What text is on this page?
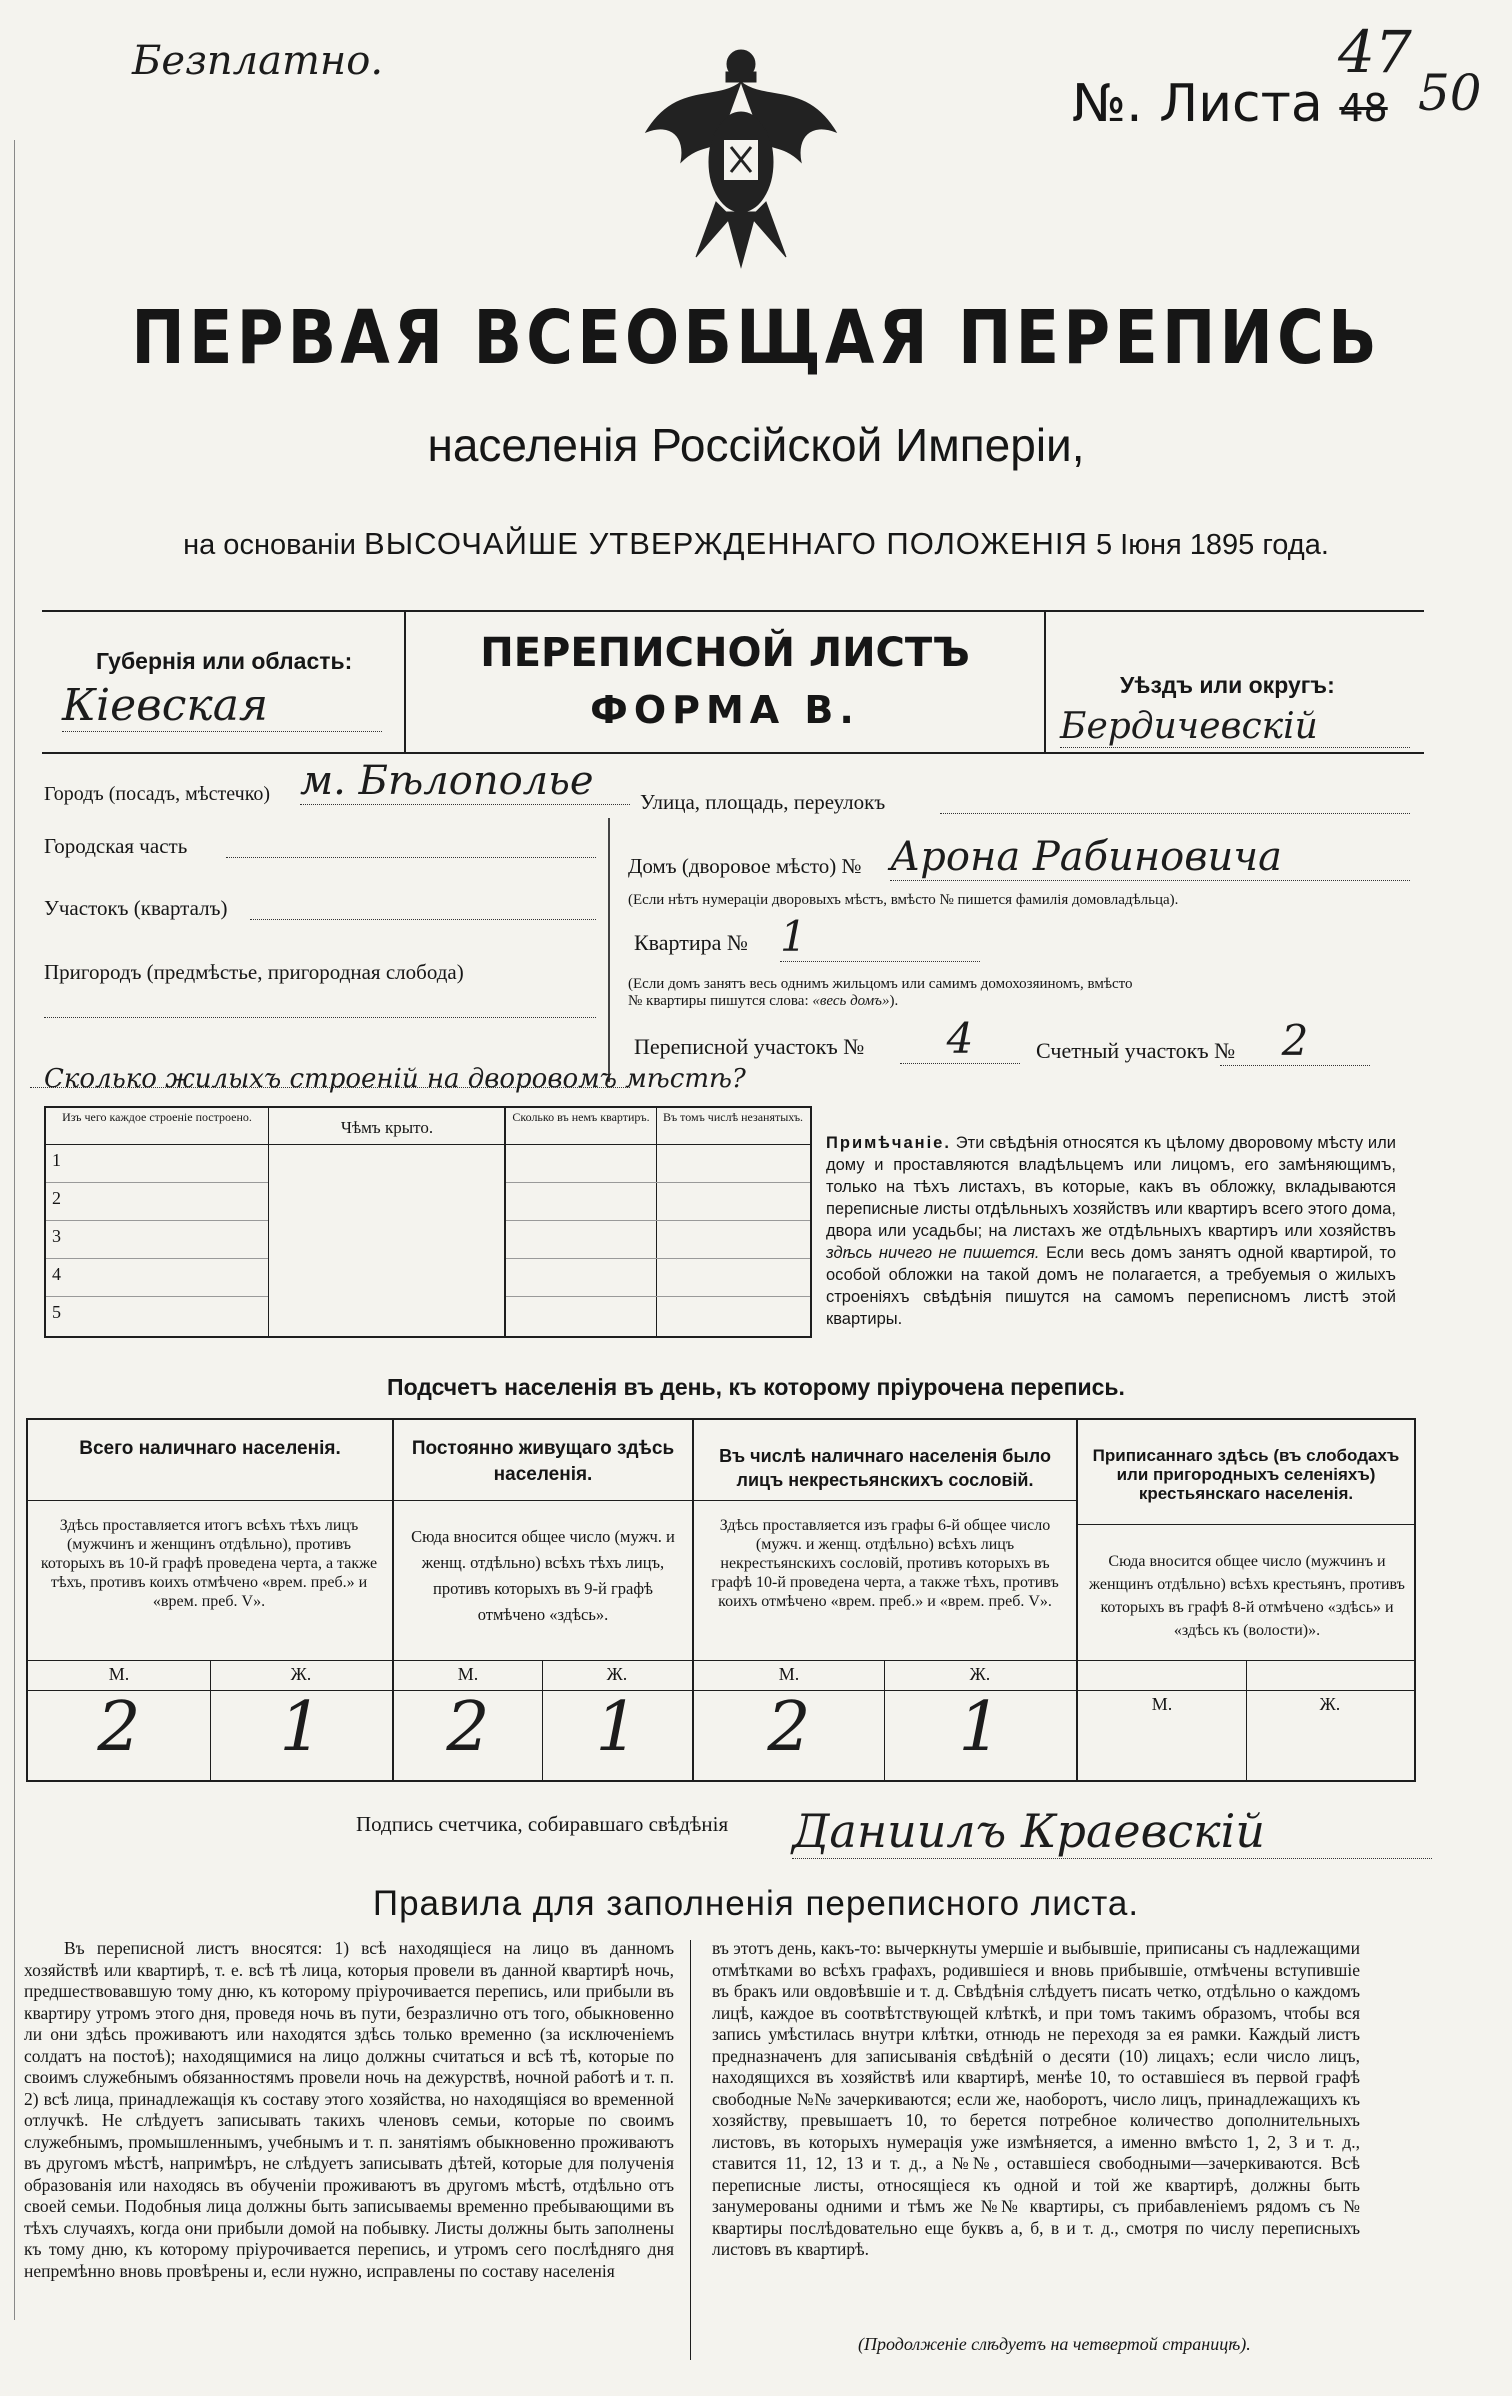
Безплатно.
№. Листа 48
47
50
ПЕРВАЯ ВСЕОБЩАЯ ПЕРЕПИСЬ
населенія Россійской Имперіи,
на основаніи ВЫСОЧАЙШЕ УТВЕРЖДЕННАГО ПОЛОЖЕНІЯ 5 Іюня 1895 года.
Губернія или область:
Кіевская
ПЕРЕПИСНОЙ ЛИСТЪ
ФОРМА В.
Уѣздъ или округъ:
Бердичевскій
Городъ (посадъ, мѣстечко) м. Бѣлополье	Улица, площадь, переулокъ
Городская часть
Домъ (дворовое мѣсто) № Арона Рабиновича
(Если нѣтъ нумераціи дворовыхъ мѣстъ, вмѣсто № пишется фамилія домовладѣльца).
Участокъ (кварталъ)
Квартира № 1
Пригородъ (предмѣстье, пригородная слобода)	(Если домъ занятъ весь однимъ жильцомъ или самимъ домохозяиномъ, вмѣсто
№ квартиры пишутся слова: «весь домъ»).
Переписной участокъ №	4	Счетный участокъ №	2
Сколько жилыхъ строеній на дворовомъ мѣстѣ?
Изъ чего каждое строеніе построено.
Чѣмъ крыто.
Сколько въ немъ квартиръ.	Въ томъ числѣ незанятыхъ.
1
2
3
4
5
Примѣчаніе. Эти свѣдѣнія относятся къ цѣлому дворовому мѣсту или дому и проставляются владѣльцемъ или лицомъ, его замѣняющимъ, только на тѣхъ листахъ, въ которые, какъ въ обложку, вкладываются переписные листы отдѣльныхъ хозяйствъ или квартиръ всего этого дома, двора или усадьбы; на листахъ же отдѣльныхъ квартиръ или хозяйствъ здѣсь ничего не пишется. Если весь домъ занятъ одной квартирой, то особой обложки на такой домъ не полагается, а требуемыя о жилыхъ строеніяхъ свѣдѣнія пишутся на самомъ переписномъ листѣ этой квартиры.
Подсчетъ населенія въ день, къ которому пріурочена перепись.
Всего наличнаго населенія.	Постоянно живущаго здѣсь населенія.
Въ числѣ наличнаго населенія было лицъ некрестьянскихъ сословій.
Приписаннаго здѣсь (въ слободахъ или пригородныхъ селеніяхъ) крестьянскаго населенія.
Здѣсь проставляется итогъ всѣхъ тѣхъ лицъ (мужчинъ и женщинъ отдѣльно), противъ которыхъ въ 10-й графѣ проведена черта, а также тѣхъ, противъ коихъ отмѣчено «врем. преб.» и «врем. преб. V».
Сюда вносится общее число (мужч. и женщ. отдѣльно) всѣхъ тѣхъ лицъ, противъ которыхъ въ 9-й графѣ отмѣчено «здѣсь».
Здѣсь проставляется изъ графы 6-й общее число (мужч. и женщ. отдѣльно) всѣхъ лицъ некрестьянскихъ сословій, противъ которыхъ въ графѣ 10-й проведена черта, а также тѣхъ, противъ коихъ отмѣчено «врем. преб.» и «врем. преб. V».
Сюда вносится общее число (мужчинъ и женщинъ отдѣльно) всѣхъ крестьянъ, противъ которыхъ въ графѣ 8-й отмѣчено «здѣсь» и «здѣсь къ (волости)».
М.	Ж.	М.	Ж.	М.	Ж.
М.	Ж.
2	1	2	1	2	1
Подпись счетчика, собиравшаго свѣдѣнія Даниилъ Краевскій
Правила для заполненія переписного листа.

Въ переписной листъ вносятся: 1) всѣ находящіеся на лицо въ данномъ хозяйствѣ или квартирѣ, т. е. всѣ тѣ лица, которыя провели въ данной квартирѣ ночь, предшествовавшую тому дню, къ которому пріурочивается перепись, или прибыли въ квартиру утромъ этого дня, проведя ночь въ пути, безразлично отъ того, обыкновенно ли они здѣсь проживаютъ или находятся здѣсь только временно (за исключеніемъ солдатъ на постоѣ); находящимися на лицо должны считаться и всѣ тѣ, которые по своимъ служебнымъ обязанностямъ провели ночь на дежурствѣ, ночной работѣ и т. п. 2) всѣ лица, принадлежащія къ составу этого хозяйства, но находящіяся во временной отлучкѣ. Не слѣдуетъ записывать такихъ членовъ семьи, которые по своимъ служебнымъ, промышленнымъ, учебнымъ и т. п. занятіямъ обыкновенно проживаютъ въ другомъ мѣстѣ, напримѣръ, не слѣдуетъ записывать дѣтей, которые для полученія образованія или находясь въ обученіи проживаютъ въ другомъ мѣстѣ, отдѣльно отъ своей семьи. Подобныя лица должны быть записываемы временно пребывающими въ тѣхъ случаяхъ, когда они прибыли домой на побывку. Листы должны быть заполнены къ тому дню, къ которому пріурочивается перепись, и утромъ сего послѣдняго дня непремѣнно вновь провѣрены и, если нужно, исправлены по составу населенія

въ этотъ день, какъ-то: вычеркнуты умершіе и выбывшіе, приписаны съ надлежащими отмѣтками во всѣхъ графахъ, родившіеся и вновь прибывшіе, отмѣчены вступившіе въ бракъ или овдовѣвшіе и т. д. Свѣдѣнія слѣдуетъ писать четко, отдѣльно о каждомъ лицѣ, каждое въ соотвѣтствующей клѣткѣ, и при томъ такимъ образомъ, чтобы вся запись умѣстилась внутри клѣтки, отнюдь не переходя за ея рамки. Каждый листъ предназначенъ для записыванія свѣдѣній о десяти (10) лицахъ; если число лицъ, находящихся въ хозяйствѣ или квартирѣ, менѣе 10, то оставшіеся въ первой графѣ свободные №№ зачеркиваются; если же, наоборотъ, число лицъ, принадлежащихъ къ хозяйству, превышаетъ 10, то берется потребное количество дополнительныхъ листовъ, въ которыхъ нумерація уже измѣняется, а именно вмѣсто 1, 2, 3 и т. д., ставится 11, 12, 13 и т. д., а №№, оставшіеся свободными—зачеркиваются. Всѣ переписные листы, относящіеся къ одной и той же квартирѣ, должны быть занумерованы одними и тѣмъ же №№ квартиры, съ прибавленіемъ рядомъ съ № квартиры послѣдовательно еще буквъ а, б, в и т. д., смотря по числу переписныхъ листовъ въ квартирѣ.

(Продолженіе слѣдуетъ на четвертой страницѣ).
